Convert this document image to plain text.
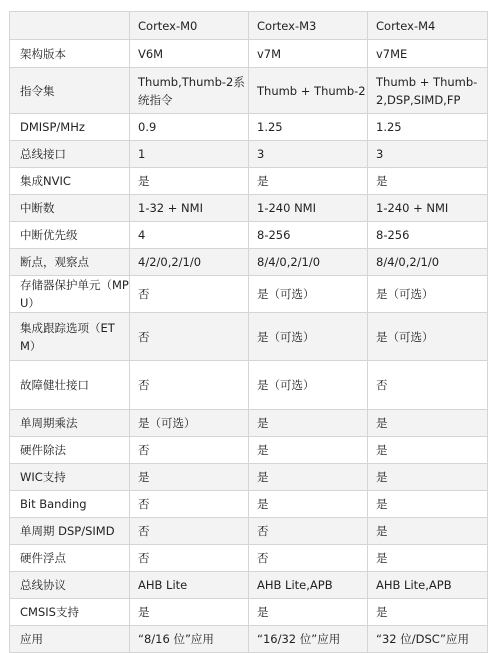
	Cortex-M0	Cortex-M3	Cortex-M4
架构版本	V6M	v7M	v7ME
指令集	Thumb,Thumb-2系统指令	Thumb + Thumb-2	Thumb + Thumb-2,DSP,SIMD,FP
DMISP/MHz	0.9	1.25	1.25
总线接口	1	3	3
集成NVIC	是	是	是
中断数	1-32 + NMI	1-240 NMI	1-240 + NMI
中断优先级	4	8-256	8-256
断点，观察点	4/2/0,2/1/0	8/4/0,2/1/0	8/4/0,2/1/0
存储器保护单元（MPU）	否	是（可选）	是（可选）
集成跟踪选项（ETM）	否	是（可选）	是（可选）
故障健壮接口	否	是（可选）	否
单周期乘法	是（可选）	是	是
硬件除法	否	是	是
WIC支持	是	是	是
Bit Banding	否	是	是
单周期 DSP/SIMD	否	否	是
硬件浮点	否	否	是
总线协议	AHB Lite	AHB Lite,APB	AHB Lite,APB
CMSIS支持	是	是	是
应用	“8/16 位”应用	“16/32 位”应用	“32 位/DSC”应用
